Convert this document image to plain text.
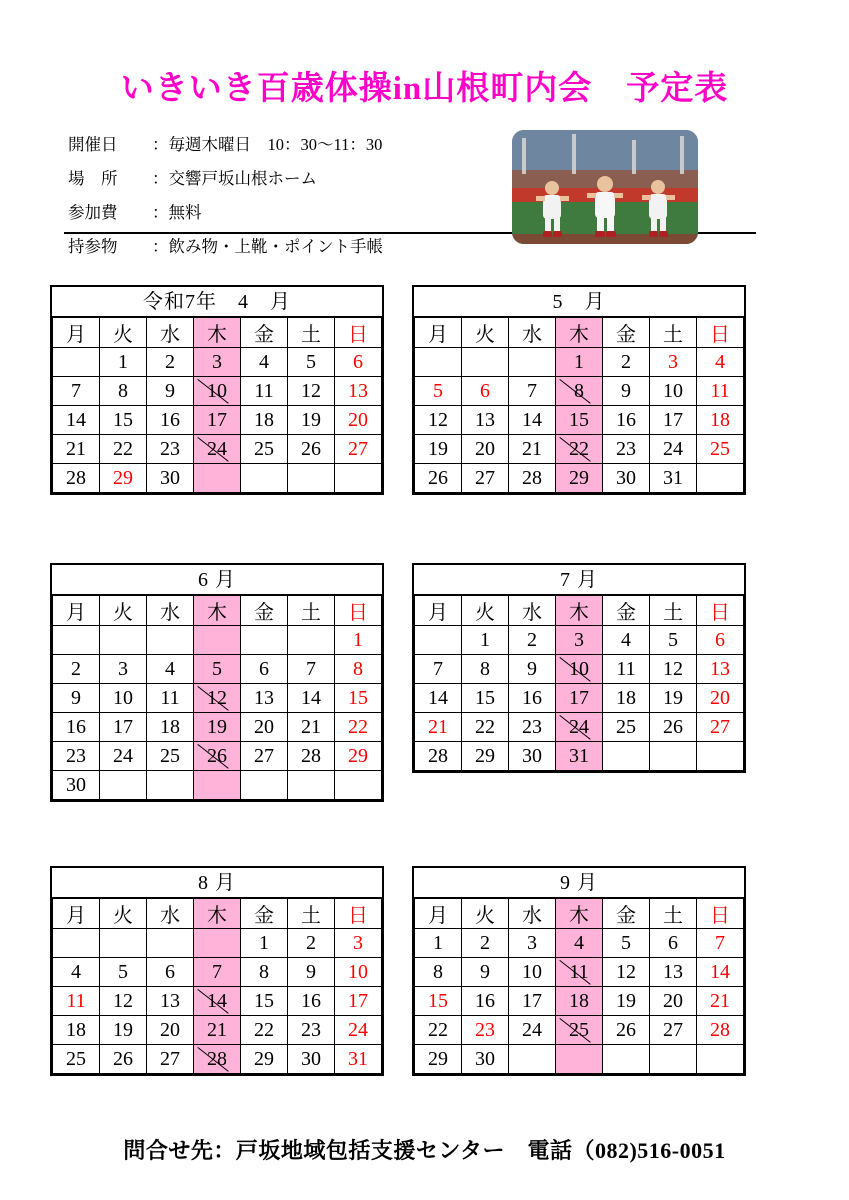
いきいき百歳体操in山根町内会　予定表
開催日 ：毎週木曜日　10：30〜11：30
場　所 ：交響戸坂山根ホーム
参加費 ：無料
持参物 ：飲み物・上靴・ポイント手帳
令和7年　4　月
月	火	水	木	金	土	日
	1	2	3	4	5	6
7	8	9	10	11	12	13
14	15	16	17	18	19	20
21	22	23	24	25	26	27
28	29	30				
5　月
月	火	水	木	金	土	日
			1	2	3	4
5	6	7	8	9	10	11
12	13	14	15	16	17	18
19	20	21	22	23	24	25
26	27	28	29	30	31	
6 月
月	火	水	木	金	土	日
						1
2	3	4	5	6	7	8
9	10	11	12	13	14	15
16	17	18	19	20	21	22
23	24	25	26	27	28	29
30						
7 月
月	火	水	木	金	土	日
	1	2	3	4	5	6
7	8	9	10	11	12	13
14	15	16	17	18	19	20
21	22	23	24	25	26	27
28	29	30	31			
8 月
月	火	水	木	金	土	日
				1	2	3
4	5	6	7	8	9	10
11	12	13	14	15	16	17
18	19	20	21	22	23	24
25	26	27	28	29	30	31
9 月
月	火	水	木	金	土	日
1	2	3	4	5	6	7
8	9	10	11	12	13	14
15	16	17	18	19	20	21
22	23	24	25	26	27	28
29	30					
問合せ先：戸坂地域包括支援センター　電話（082)516-0051
